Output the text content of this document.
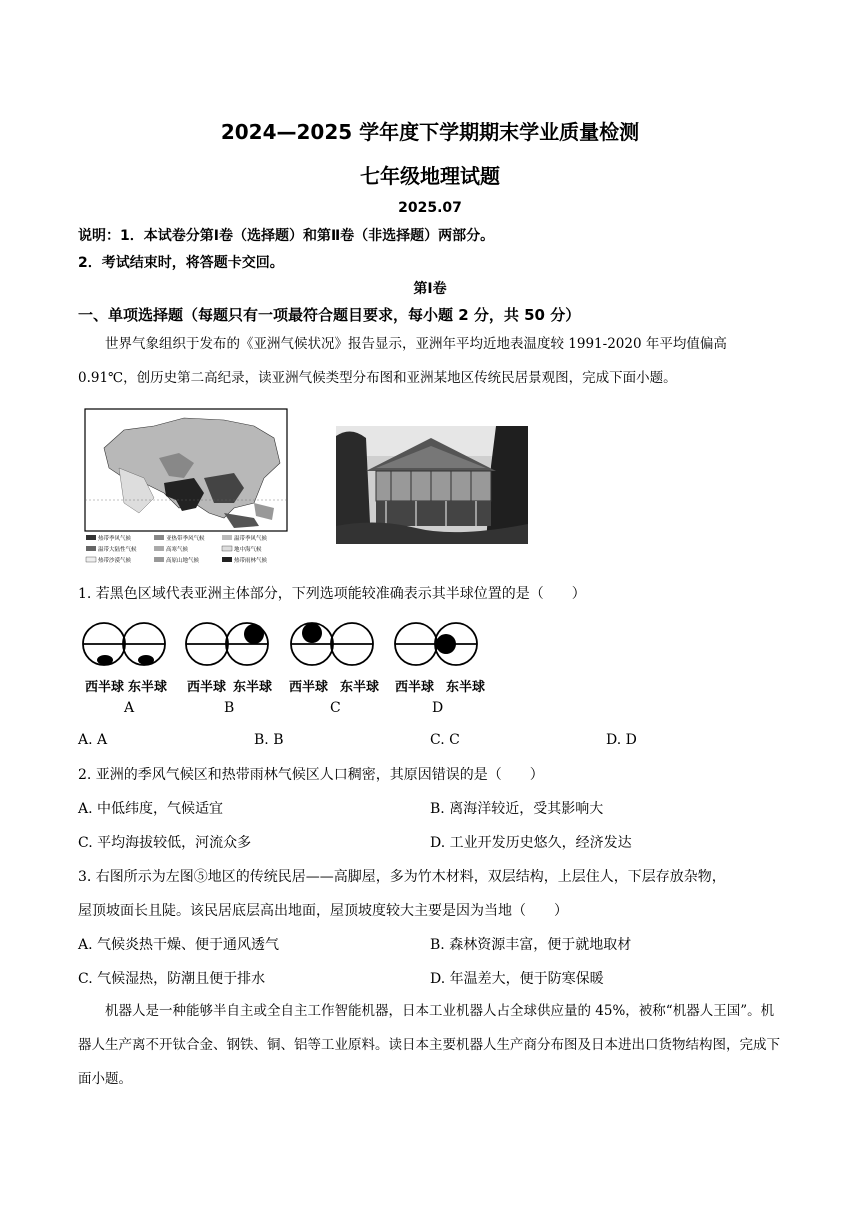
2024—2025 学年度下学期期末学业质量检测
七年级地理试题
2025.07
说明：1．本试卷分第Ⅰ卷（选择题）和第Ⅱ卷（非选择题）两部分。
2．考试结束时，将答题卡交回。
第Ⅰ卷
一、单项选择题（每题只有一项最符合题目要求，每小题 2 分，共 50 分）
世界气象组织于发布的《亚洲气候状况》报告显示，亚洲年平均近地表温度较 1991-2020 年平均值偏高 0.91℃，创历史第二高纪录，读亚洲气候类型分布图和亚洲某地区传统民居景观图，完成下面小题。
热带季风气候	亚热带季风气候	温带季风气候
温带大陆性气候	高寒气候	地中海气候
热带沙漠气候	高原山地气候	热带雨林气候
1. 若黑色区域代表亚洲主体部分，下列选项能较准确表示其半球位置的是（　　）
西半球 东半球 西半球 东半球 西半球 东半球 西半球 东半球
A	B	C	D
A. A	B. B	C. C	D. D
2. 亚洲的季风气候区和热带雨林气候区人口稠密，其原因错误的是（　　）
A. 中低纬度，气候适宜	B. 离海洋较近，受其影响大
C. 平均海拔较低，河流众多	D. 工业开发历史悠久，经济发达
3. 右图所示为左图⑤地区的传统民居——高脚屋，多为竹木材料，双层结构，上层住人，下层存放杂物，
屋顶坡面长且陡。该民居底层高出地面，屋顶坡度较大主要是因为当地（　　）
A. 气候炎热干燥、便于通风透气	B. 森林资源丰富，便于就地取材
C. 气候湿热，防潮且便于排水	D. 年温差大，便于防寒保暖
机器人是一种能够半自主或全自主工作智能机器，日本工业机器人占全球供应量的 45%，被称“机器人王国”。机器人生产离不开钛合金、钢铁、铜、铝等工业原料。读日本主要机器人生产商分布图及日本进出口货物结构图，完成下面小题。
